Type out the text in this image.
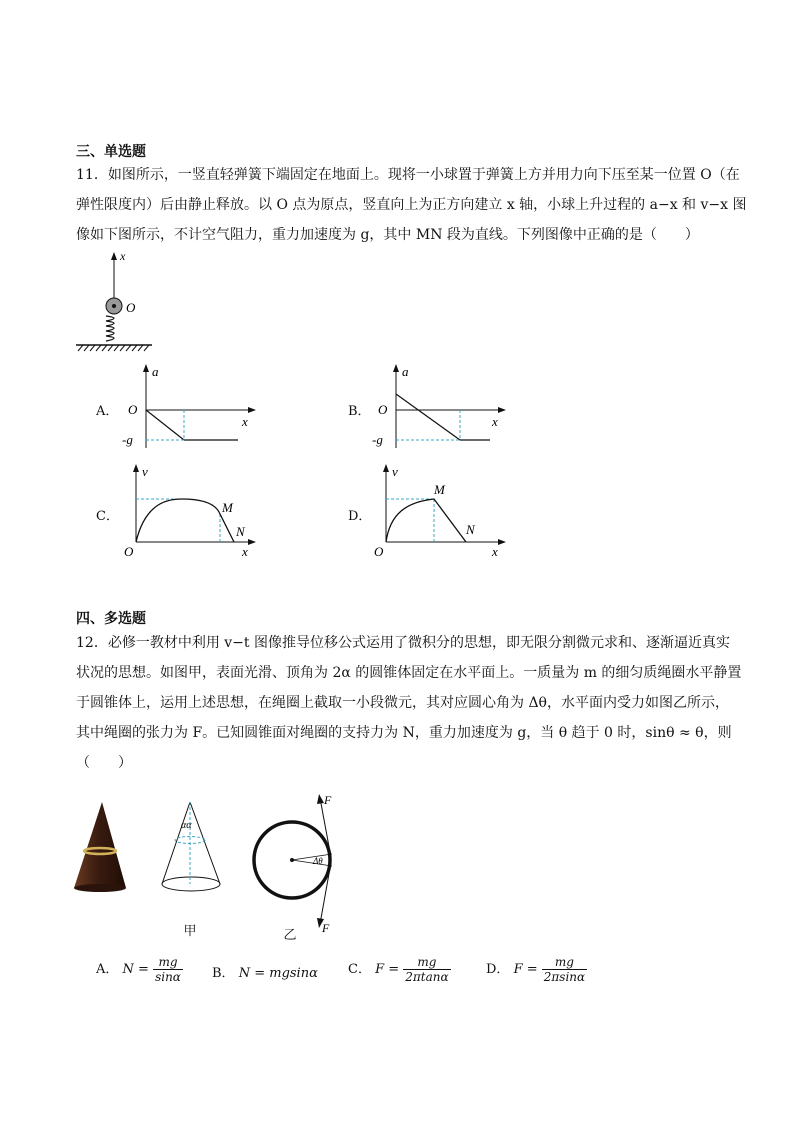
三、单选题
11．如图所示，一竖直轻弹簧下端固定在地面上。现将一小球置于弹簧上方并用力向下压至某一位置 O（在
弹性限度内）后由静止释放。以 O 点为原点，竖直向上为正方向建立 x 轴，小球上升过程的 a−x 和 v−x 图
像如下图所示，不计空气阻力，重力加速度为 g，其中 MN 段为直线。下列图像中正确的是（　　）
x
O
A．
a
O
x
-g
B．
a
O
x
-g
C．
v
O	x
M
N
D．
v
O	x
M
N
四、多选题
12．必修一教材中利用 v−t 图像推导位移公式运用了微积分的思想，即无限分割微元求和、逐渐逼近真实
状况的思想。如图甲，表面光滑、顶角为 2α 的圆锥体固定在水平面上。一质量为 m 的细匀质绳圈水平静置
于圆锥体上，运用上述思想，在绳圈上截取一小段微元，其对应圆心角为 Δθ，水平面内受力如图乙所示，
其中绳圈的张力为 F。已知圆锥面对绳圈的支持力为 N，重力加速度为 g，当 θ 趋于 0 时，sinθ ≈ θ，则
（　　）
αα
甲
Δθ
F
F
乙
A． $N = \frac{mg}{\sin\alpha}$ B． N = mgsinα C． $F = \frac{mg}{2\pi\tan\alpha}$	D． $F = \frac{mg}{2\pi\sin\alpha}$
